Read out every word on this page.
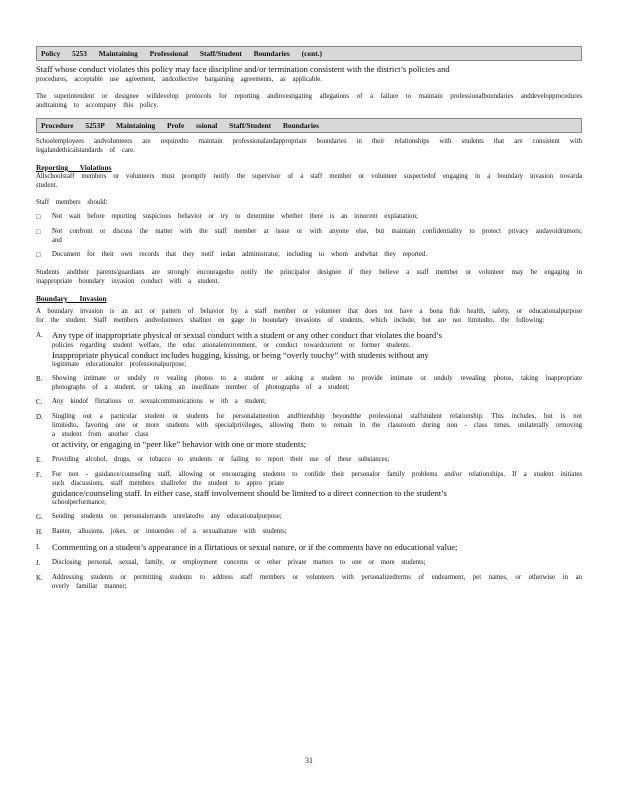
Policy 5253 Maintaining Professional Staff/Student Boundaries (cont.)
Staff whose conduct violates this policy may face discipline and/or termination consistent with the district’s policies and
procedures, acceptable use agreement, andcollective bargaining agreements, as applicable.
The superintendent or designee willdevelop protocols for reporting andinvestigating allegations of a failure to maintain professionalboundaries anddevelopprocedures andtraining to accompany this policy.
Procedure 5253P Maintaining Profe ssional Staff/Student Boundaries
Schoolemployees andvolunteers are requiredto maintain professionalandappropriate boundaries in their relationships with students that are consistent with legalandethicalstandards of care.
Reporting Violations
Allschoolstaff members or volunteers must promptly notify the supervisor of a staff member or volunteer suspectedof engaging in a boundary invasion towarda student.
Staff members should:
□	Not wait before reporting suspicious behavior or try to determine whether there is an innocent explanation;
□	Not confront or discuss the matter with the staff member at issue or with anyone else, but maintain confidentiality to protect privacy andavoidrumors; and
□	Document for their own records that they notif iedan administrator, including to whom andwhat they reported.
Students andtheir parents/guardians are strongly encouragedto notify the principalor designee if they believe a staff member or volunteer may be engaging in inappropriate boundary invasion conduct with a student.
Boundary Invasion
A boundary invasion is an act or pattern of behavior by a staff member or volunteer that does not have a bona fide health, safety, or educationalpurpose for the student. Staff members andvolunteers shallnot en gage in boundary invasions of students, which include, but are not limitedto, the following:
A.	Any type of inappropriate physical or sexual conduct with a student or any other conduct that violates the board’s
policies regarding student welfare, the educ ationalenvironment, or conduct towardcurrent or former students.
Inappropriate physical conduct includes hugging, kissing, or being “overly touchy” with students without any
legitimate educationalor professionalpurpose;
B.	Showing intimate or unduly re vealing photos to a student or asking a student to provide intimate or unduly revealing photos, taking inappropriate photographs of a student, or taking an inordinate number of photographs of a student;
C.	Any kindof flirtatious or sexualcommunications w ith a student;
D.	Singling out a particular student or students for personalattention andfriendship beyondthe professional staffstudent relationship. This includes, but is not limitedto, favoring one or more students with specialprivileges, allowing them to remain in the classroom during non - class times, unilaterally removing a student from another class
or activity, or engaging in “peer like” behavior with one or more students;
E.	Providing alcohol, drugs, or tobacco to students or failing to report their use of these substances;
F.	For non - guidance/counseling staff, allowing or encouraging students to confide their personalor family problems and/or relationships. If a student initiates such discussions, staff members shallrefer the student to appro priate
guidance/counseling staff. In either case, staff involvement should be limited to a direct connection to the student’s
schoolperformance;
G.	Sending students on personalerrands unrelatedto any educationalpurpose;
H.	Banter, allusions, jokes, or innuendos of a sexualnature with students;
I.	Commenting on a student’s appearance in a flirtatious or sexual nature, or if the comments have no educational value;
J.	Disclosing personal, sexual, family, or employment concerns or other private matters to one or more students;
K.	Addressing students or permitting students to address staff members or volunteers with personalizedterms of endearment, pet names, or otherwise in an overly familiar manner;
31
